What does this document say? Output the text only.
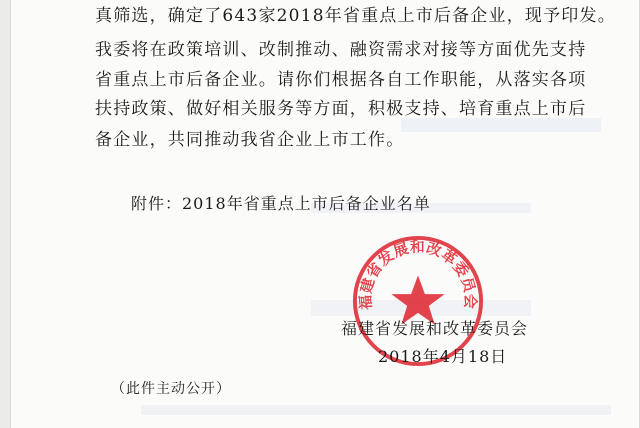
真筛选，确定了643家2018年省重点上市后备企业，现予印发。
我委将在政策培训、改制推动、融资需求对接等方面优先支持
省重点上市后备企业。请你们根据各自工作职能，从落实各项
扶持政策、做好相关服务等方面，积极支持、培育重点上市后
备企业，共同推动我省企业上市工作。
附件：2018年省重点上市后备企业名单
福建省发展和改革委员会
福建省发展和改革委员会
2018年4月18日
（此件主动公开）
